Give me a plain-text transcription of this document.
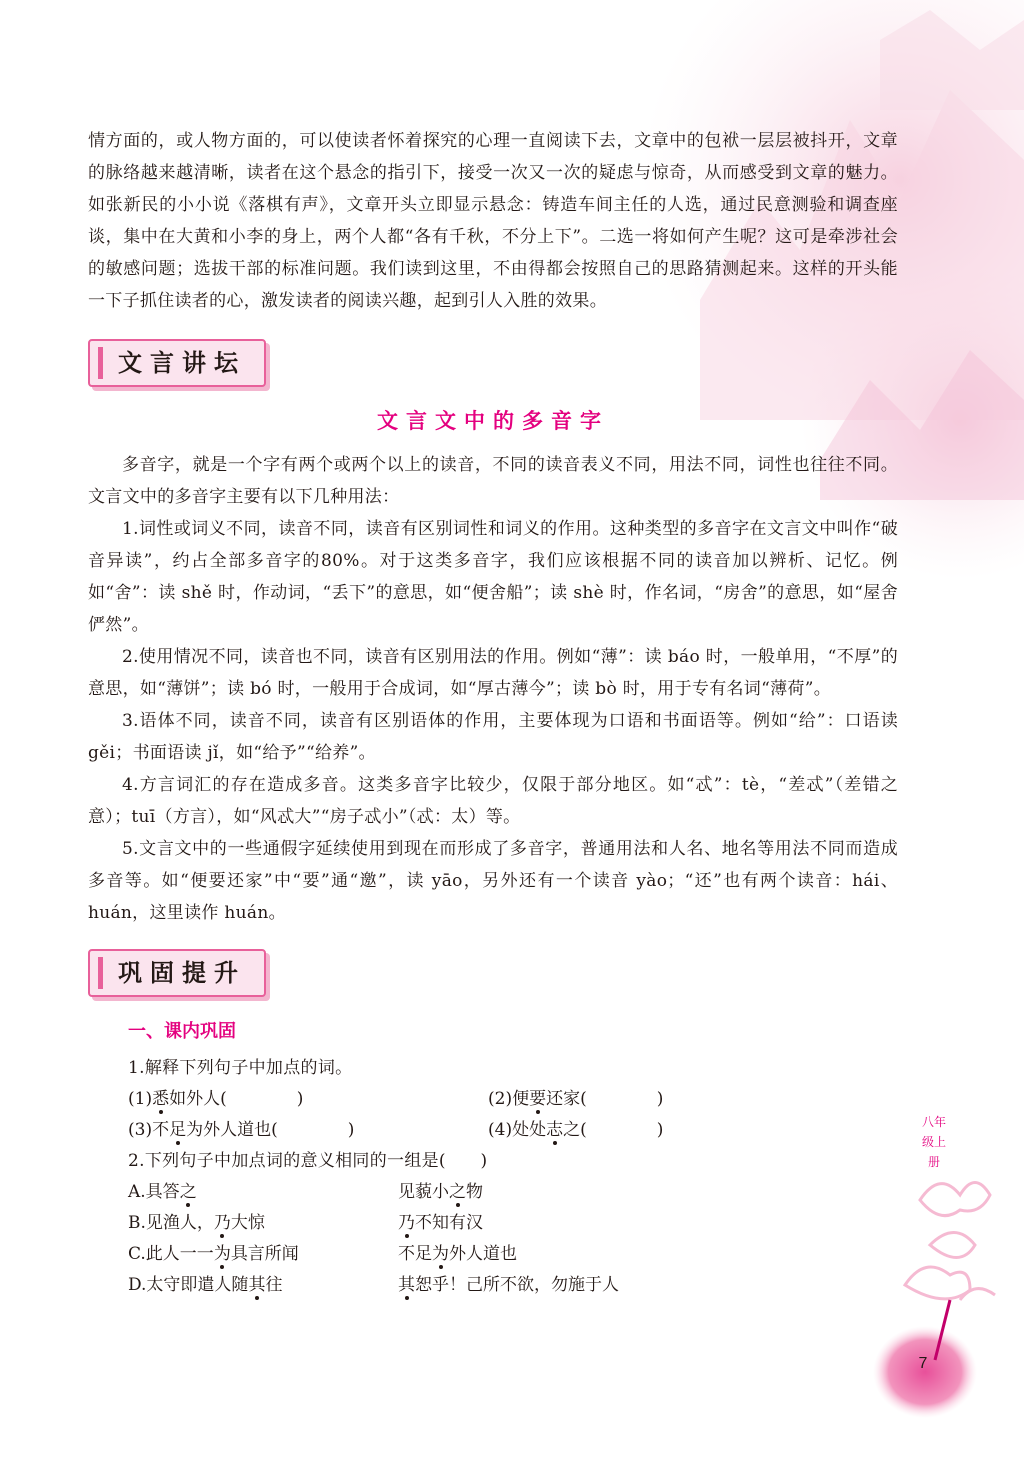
情方面的，或人物方面的，可以使读者怀着探究的心理一直阅读下去，文章中的包袱一层层被抖开，文章的脉络越来越清晰，读者在这个悬念的指引下，接受一次又一次的疑虑与惊奇，从而感受到文章的魅力。如张新民的小小说《落棋有声》，文章开头立即显示悬念：铸造车间主任的人选，通过民意测验和调查座谈，集中在大黄和小李的身上，两个人都“各有千秋，不分上下”。二选一将如何产生呢？这可是牵涉社会的敏感问题；选拔干部的标准问题。我们读到这里，不由得都会按照自己的思路猜测起来。这样的开头能一下子抓住读者的心，激发读者的阅读兴趣，起到引人入胜的效果。

文言讲坛
文言文中的多音字

多音字，就是一个字有两个或两个以上的读音，不同的读音表义不同，用法不同，词性也往往不同。文言文中的多音字主要有以下几种用法：

1.词性或词义不同，读音不同，读音有区别词性和词义的作用。这种类型的多音字在文言文中叫作“破音异读”，约占全部多音字的80%。对于这类多音字，我们应该根据不同的读音加以辨析、记忆。例如“舍”：读 shě 时，作动词，“丢下”的意思，如“便舍船”；读 shè 时，作名词，“房舍”的意思，如“屋舍俨然”。

2.使用情况不同，读音也不同，读音有区别用法的作用。例如“薄”：读 báo 时，一般单用，“不厚”的意思，如“薄饼”；读 bó 时，一般用于合成词，如“厚古薄今”；读 bò 时，用于专有名词“薄荷”。

3.语体不同，读音不同，读音有区别语体的作用，主要体现为口语和书面语等。例如“给”：口语读 gěi；书面语读 jǐ，如“给予”“给养”。

4.方言词汇的存在造成多音。这类多音字比较少，仅限于部分地区。如“忒”：tè，“差忒”（差错之意）；tuī（方言），如“风忒大”“房子忒小”（忒：太）等。

5.文言文中的一些通假字延续使用到现在而形成了多音字，普通用法和人名、地名等用法不同而造成多音等。如“便要还家”中“要”通“邀”，读 yāo，另外还有一个读音 yào；“还”也有两个读音：hái、huán，这里读作 huán。

巩固提升
一、课内巩固

1.解释下列句子中加点的词。

(1)悉如外人(	)	(2)便要还家(	)
(3)不足为外人道也(	)	(4)处处志之(	)

2.下列句子中加点词的意义相同的一组是(　　)

A.具答之	见藐小之物
B.见渔人，乃大惊	乃不知有汉
C.此人一一为具言所闻	不足为外人道也
D.太守即遣人随其往	其恕乎！己所不欲，勿施于人
八年级上册
7
